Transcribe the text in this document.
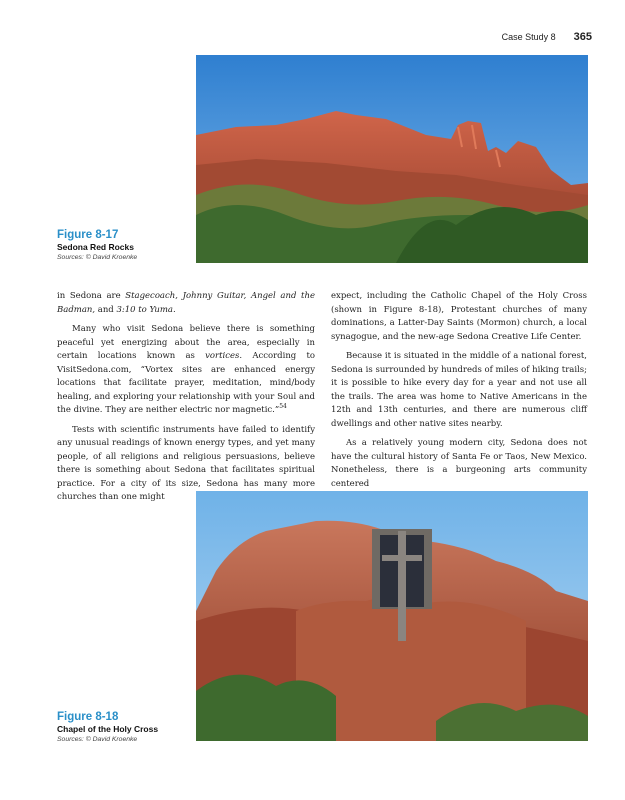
Case Study 8 365
Figure 8-17
Sedona Red Rocks
Sources: © David Kroenke

in Sedona are Stagecoach, Johnny Guitar, Angel and the Badman, and 3:10 to Yuma.

Many who visit Sedona believe there is something peaceful yet energizing about the area, especially in certain locations known as vortices. According to VisitSedona.com, “Vortex sites are enhanced energy locations that facilitate prayer, meditation, mind/body healing, and exploring your relationship with your Soul and the divine. They are neither electric nor magnetic.”$^{54}$

Tests with scientific instruments have failed to identify any unusual readings of known energy types, and yet many people, of all religions and religious persuasions, believe there is something about Sedona that facilitates spiritual practice. For a city of its size, Sedona has many more churches than one might

expect, including the Catholic Chapel of the Holy Cross (shown in Figure 8-18), Protestant churches of many dominations, a Latter-Day Saints (Mormon) church, a local synagogue, and the new-age Sedona Creative Life Center.

Because it is situated in the middle of a national forest, Sedona is surrounded by hundreds of miles of hiking trails; it is possible to hike every day for a year and not use all the trails. The area was home to Native Americans in the 12th and 13th centuries, and there are numerous cliff dwellings and other native sites nearby.

As a relatively young modern city, Sedona does not have the cultural history of Santa Fe or Taos, New Mexico. Nonetheless, there is a burgeoning arts community centered

Figure 8-18
Chapel of the Holy Cross
Sources: © David Kroenke
